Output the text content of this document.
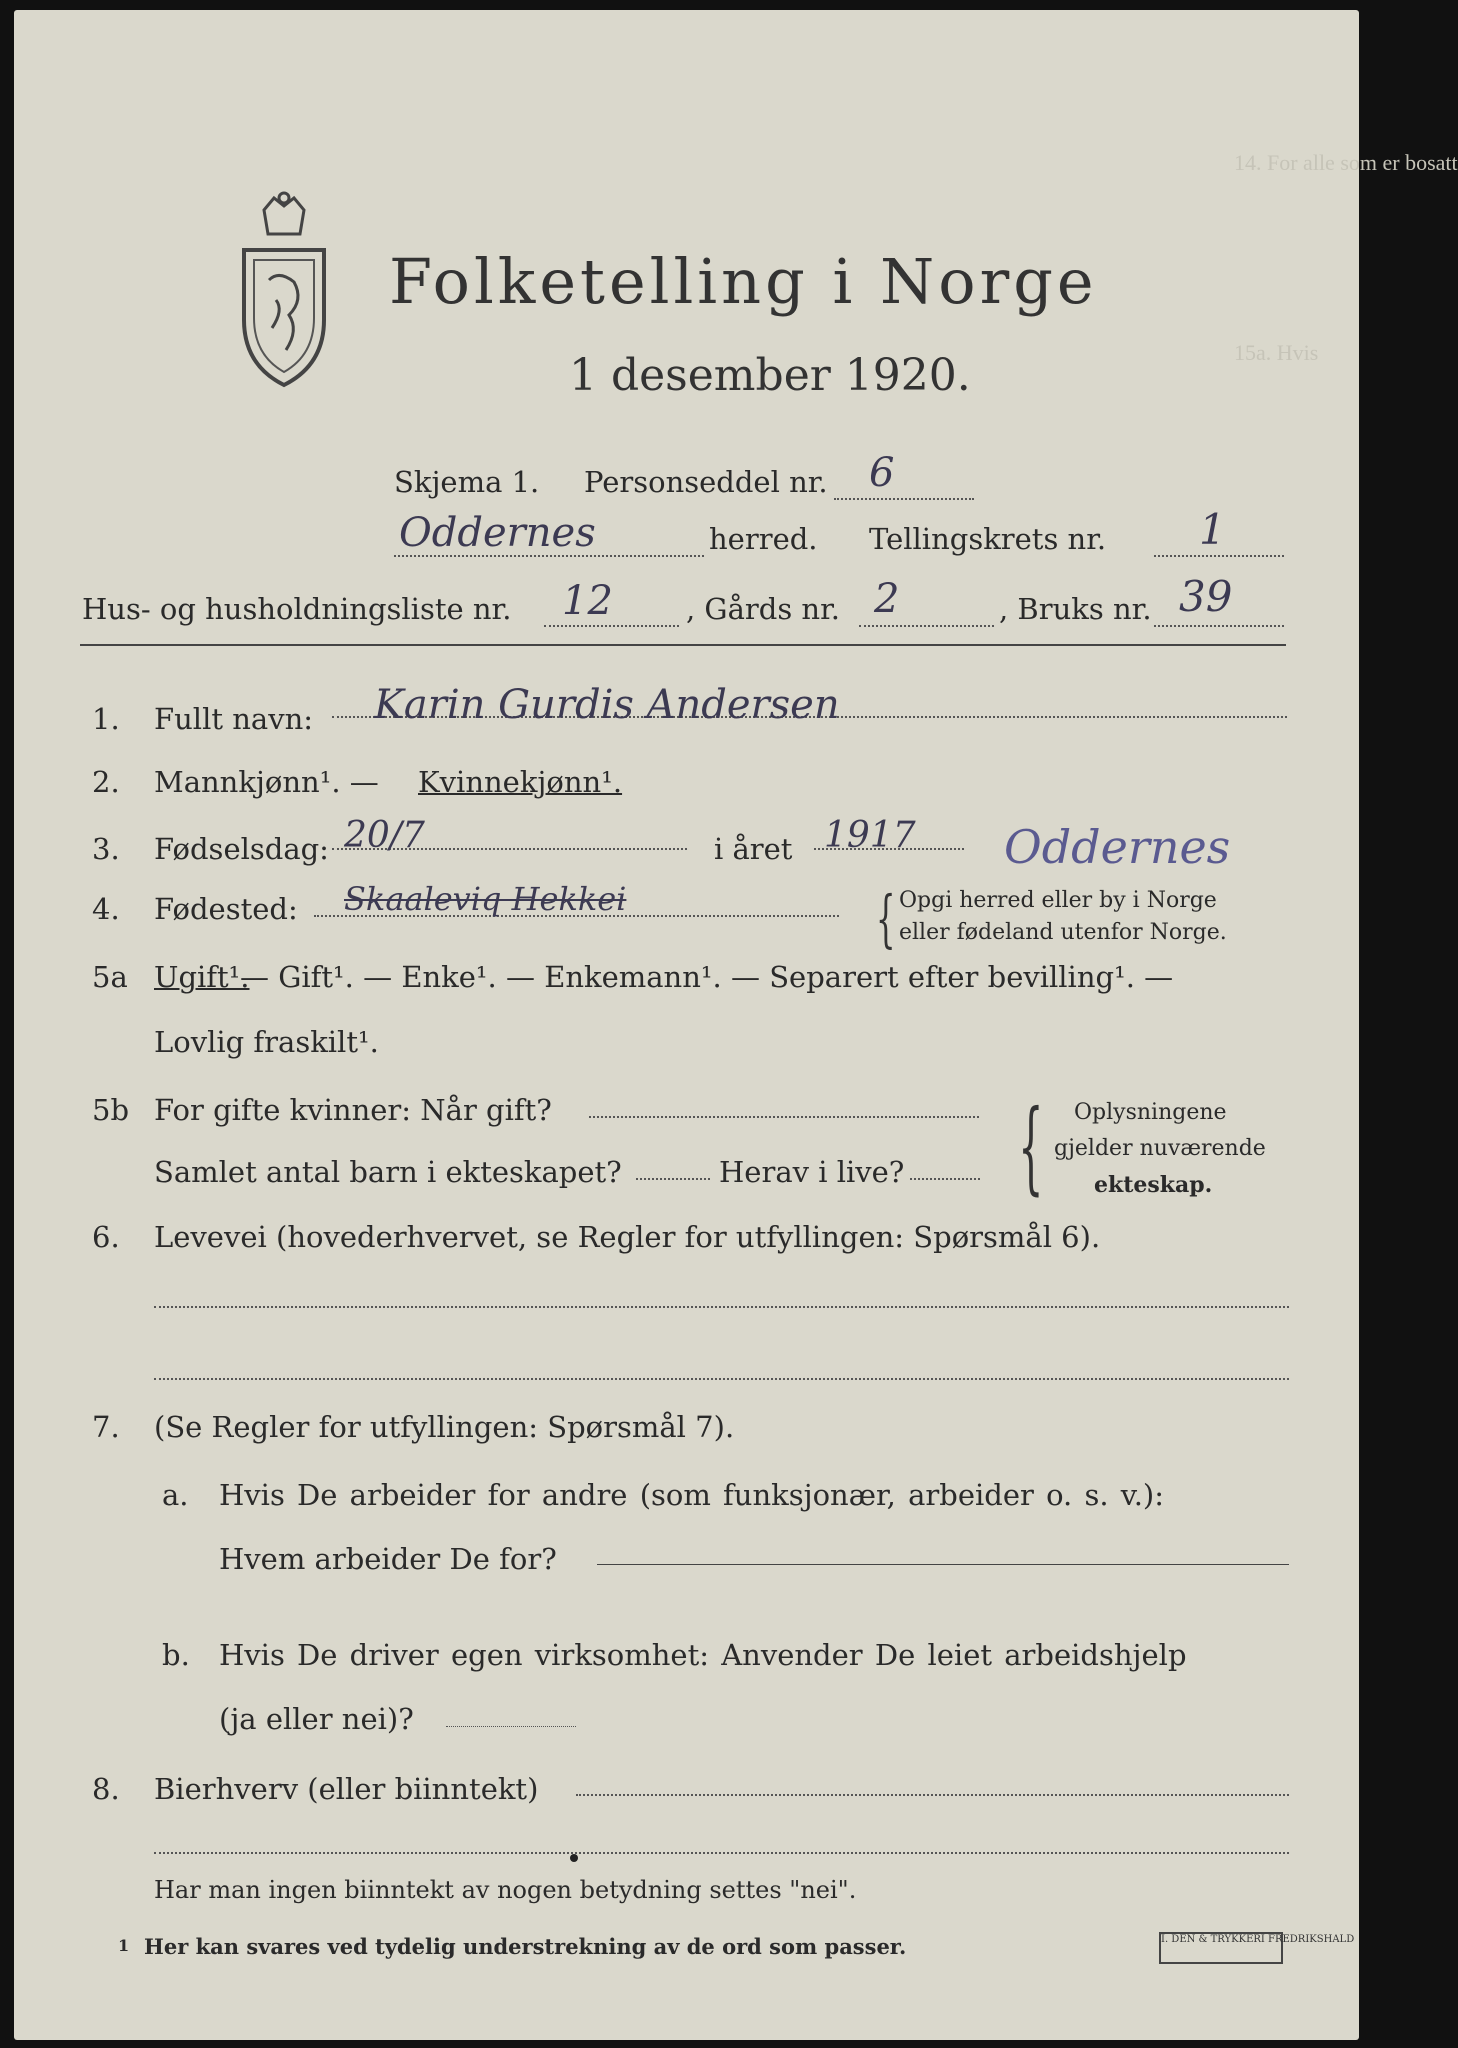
14. For alle som er bosatt
15a. Hvis
Folketelling i Norge
1 desember 1920.
Skjema 1. Personseddel nr. 6
Oddernes	herred. Tellingskrets nr. 1
Hus- og husholdningsliste nr. 12	, Gårds nr. 2	, Bruks nr. 39
1. Fullt navn: Karin Gurdis Andersen
2. Mannkjønn¹. — Kvinnekjønn¹.
3. Fødselsdag: 20/7	i året 1917 Oddernes
4. Fødested: Skaaleviq Hekkei	{ Opgi herred eller by i Norge
eller fødeland utenfor Norge.
5a Ugift¹.
— Gift¹. — Enke¹. — Enkemann¹. — Separert efter bevilling¹. —
Lovlig fraskilt¹.
5b For gifte kvinner: Når gift?
Samlet antal barn i ekteskapet?	Herav i live? { Oplysningene
gjelder nuværende
ekteskap.
6. Levevei (hovederhvervet, se Regler for utfyllingen: Spørsmål 6).
7. (Se Regler for utfyllingen: Spørsmål 7).
a. Hvis De arbeider for andre (som funksjonær, arbeider o. s. v.):
Hvem arbeider De for?
b. Hvis De driver egen virksomhet: Anvender De leiet arbeidshjelp
(ja eller nei)?
8. Bierhverv (eller biinntekt)
Har man ingen biinntekt av nogen betydning settes "nei".
1 Her kan svares ved tydelig understrekning av de ord som passer.	I. DEN & TRYKKERI FREDRIKSHALD
